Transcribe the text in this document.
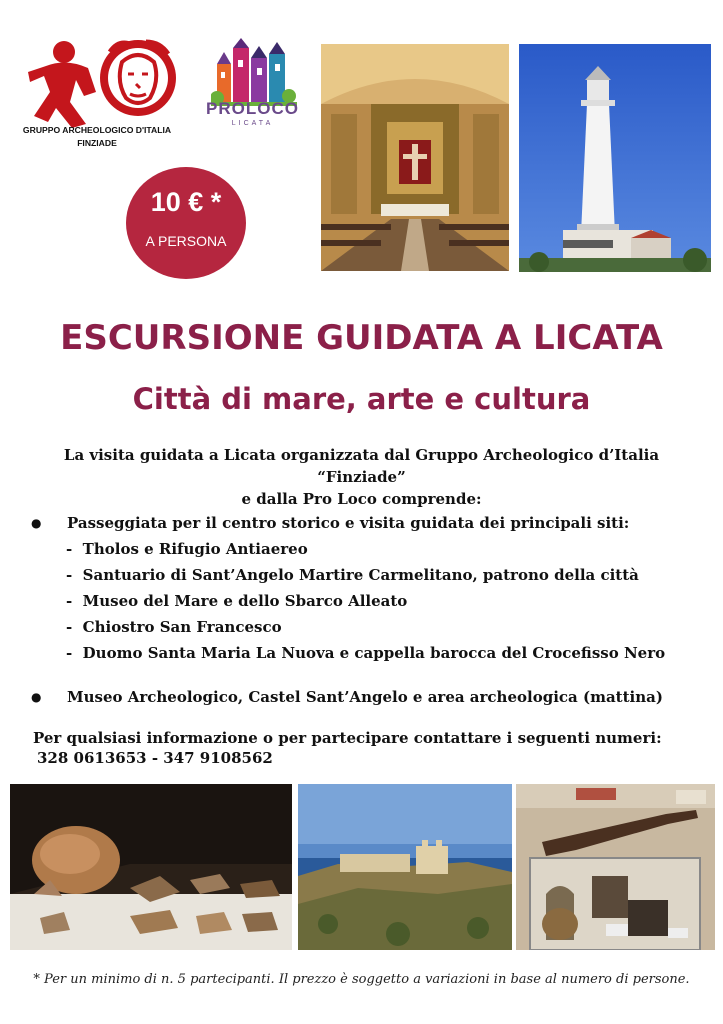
GRUPPO ARCHEOLOGICO D'ITALIA
FINZIADE
PROLOCO
LICATA
10 € *
A PERSONA
ESCURSIONE GUIDATA A LICATA
Città di mare, arte e cultura
La visita guidata a Licata organizzata dal Gruppo Archeologico d’Italia “Finziade”
e dalla Pro Loco comprende:
● Passeggiata per il centro storico e visita guidata dei principali siti:
-  Tholos e Rifugio Antiaereo
-  Santuario di Sant’Angelo Martire Carmelitano, patrono della città
-  Museo del Mare e dello Sbarco Alleato
-  Chiostro San Francesco
-  Duomo Santa Maria La Nuova e cappella barocca del Crocefisso Nero
● Museo Archeologico, Castel Sant’Angelo e area archeologica (mattina)
Per qualsiasi informazione o per partecipare contattare i seguenti numeri:
328 0613653 - 347 9108562
* Per un minimo di n. 5 partecipanti. Il prezzo è soggetto a variazioni in base al numero di persone.
